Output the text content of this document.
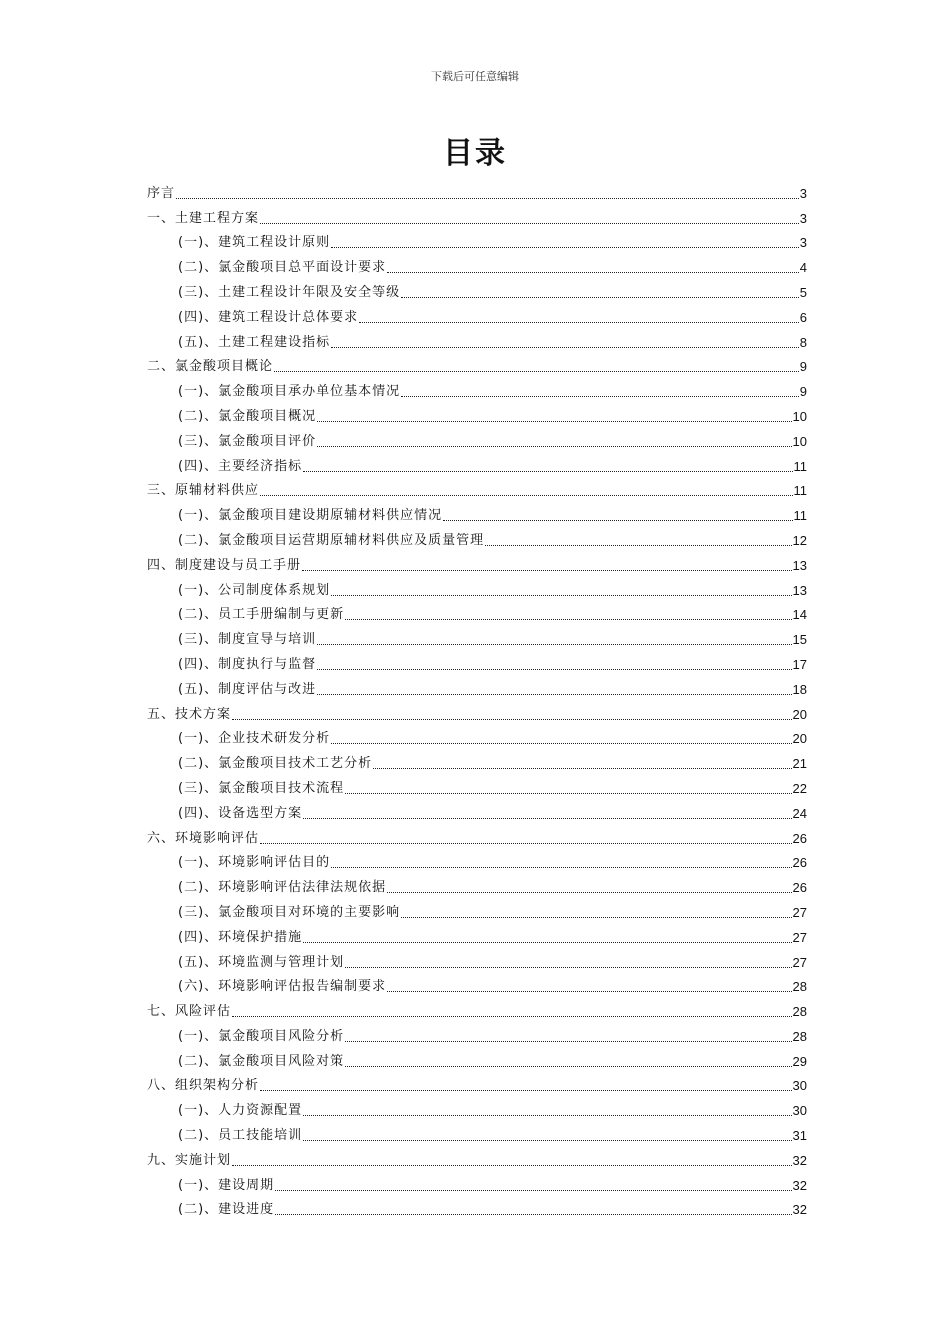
下载后可任意编辑
目录
序言	3
一、土建工程方案	3
(一)、建筑工程设计原则	3
(二)、氯金酸项目总平面设计要求	4
(三)、土建工程设计年限及安全等级	5
(四)、建筑工程设计总体要求	6
(五)、土建工程建设指标	8
二、氯金酸项目概论	9
(一)、氯金酸项目承办单位基本情况	9
(二)、氯金酸项目概况	10
(三)、氯金酸项目评价	10
(四)、主要经济指标	11
三、原辅材料供应	11
(一)、氯金酸项目建设期原辅材料供应情况	11
(二)、氯金酸项目运营期原辅材料供应及质量管理	12
四、制度建设与员工手册	13
(一)、公司制度体系规划	13
(二)、员工手册编制与更新	14
(三)、制度宣导与培训	15
(四)、制度执行与监督	17
(五)、制度评估与改进	18
五、技术方案	20
(一)、企业技术研发分析	20
(二)、氯金酸项目技术工艺分析	21
(三)、氯金酸项目技术流程	22
(四)、设备选型方案	24
六、环境影响评估	26
(一)、环境影响评估目的	26
(二)、环境影响评估法律法规依据	26
(三)、氯金酸项目对环境的主要影响	27
(四)、环境保护措施	27
(五)、环境监测与管理计划	27
(六)、环境影响评估报告编制要求	28
七、风险评估	28
(一)、氯金酸项目风险分析	28
(二)、氯金酸项目风险对策	29
八、组织架构分析	30
(一)、人力资源配置	30
(二)、员工技能培训	31
九、实施计划	32
(一)、建设周期	32
(二)、建设进度	32
